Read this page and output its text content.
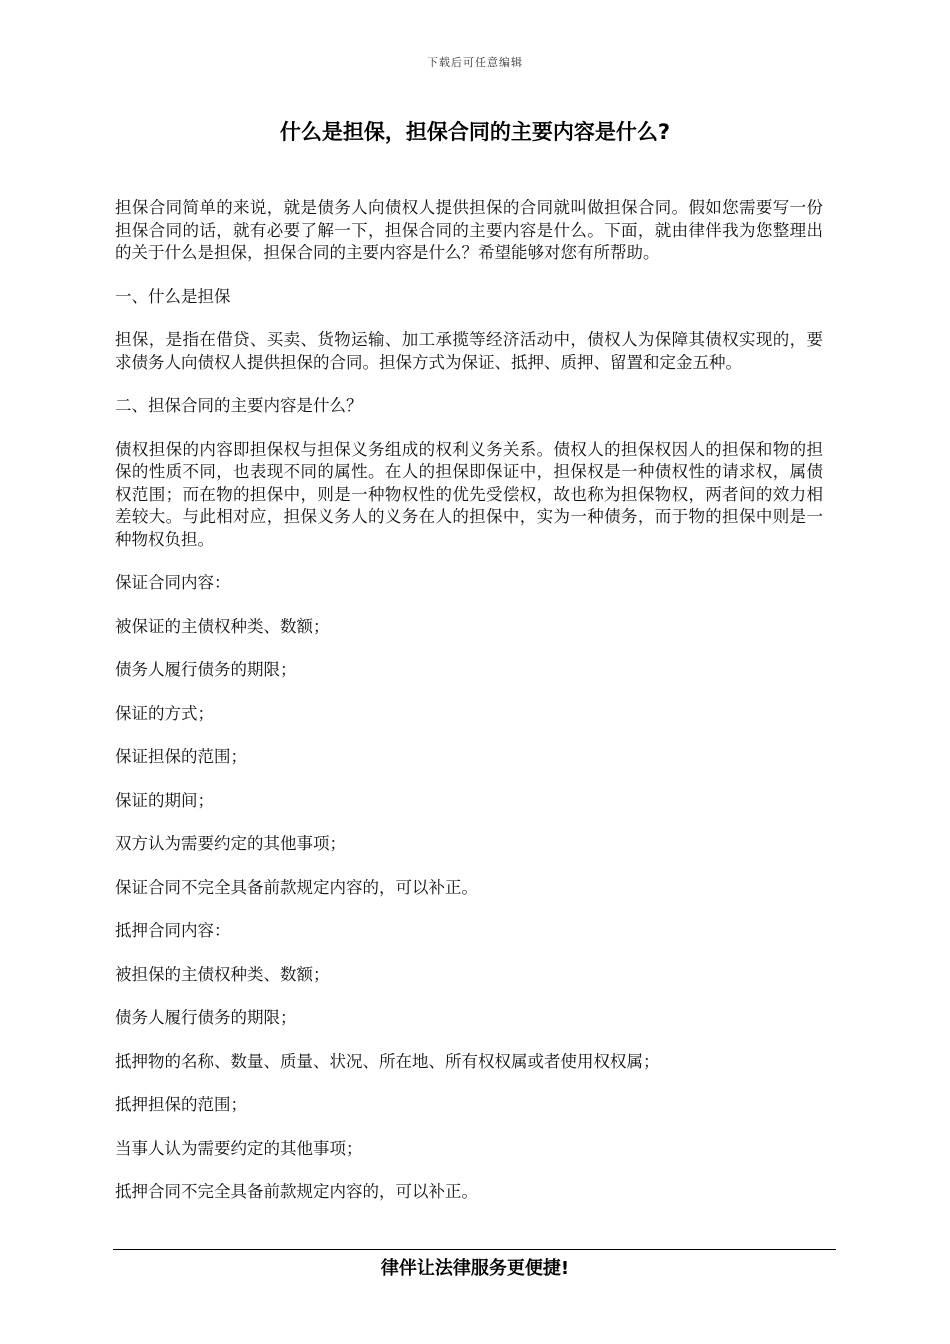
下载后可任意编辑
什么是担保，担保合同的主要内容是什么?

担保合同简单的来说，就是债务人向债权人提供担保的合同就叫做担保合同。假如您需要写一份担保合同的话，就有必要了解一下，担保合同的主要内容是什么。下面，就由律伴我为您整理出的关于什么是担保，担保合同的主要内容是什么？希望能够对您有所帮助。

一、什么是担保

担保，是指在借贷、买卖、货物运输、加工承揽等经济活动中，债权人为保障其债权实现的，要求债务人向债权人提供担保的合同。担保方式为保证、抵押、质押、留置和定金五种。

二、担保合同的主要内容是什么？

债权担保的内容即担保权与担保义务组成的权利义务关系。债权人的担保权因人的担保和物的担保的性质不同，也表现不同的属性。在人的担保即保证中，担保权是一种债权性的请求权，属债权范围；而在物的担保中，则是一种物权性的优先受偿权，故也称为担保物权，两者间的效力相差较大。与此相对应，担保义务人的义务在人的担保中，实为一种债务，而于物的担保中则是一种物权负担。

保证合同内容：

被保证的主债权种类、数额；

债务人履行债务的期限；

保证的方式；

保证担保的范围；

保证的期间；

双方认为需要约定的其他事项；

保证合同不完全具备前款规定内容的，可以补正。

抵押合同内容：

被担保的主债权种类、数额；

债务人履行债务的期限；

抵押物的名称、数量、质量、状况、所在地、所有权权属或者使用权权属；

抵押担保的范围；

当事人认为需要约定的其他事项；

抵押合同不完全具备前款规定内容的，可以补正。

律伴让法律服务更便捷!
